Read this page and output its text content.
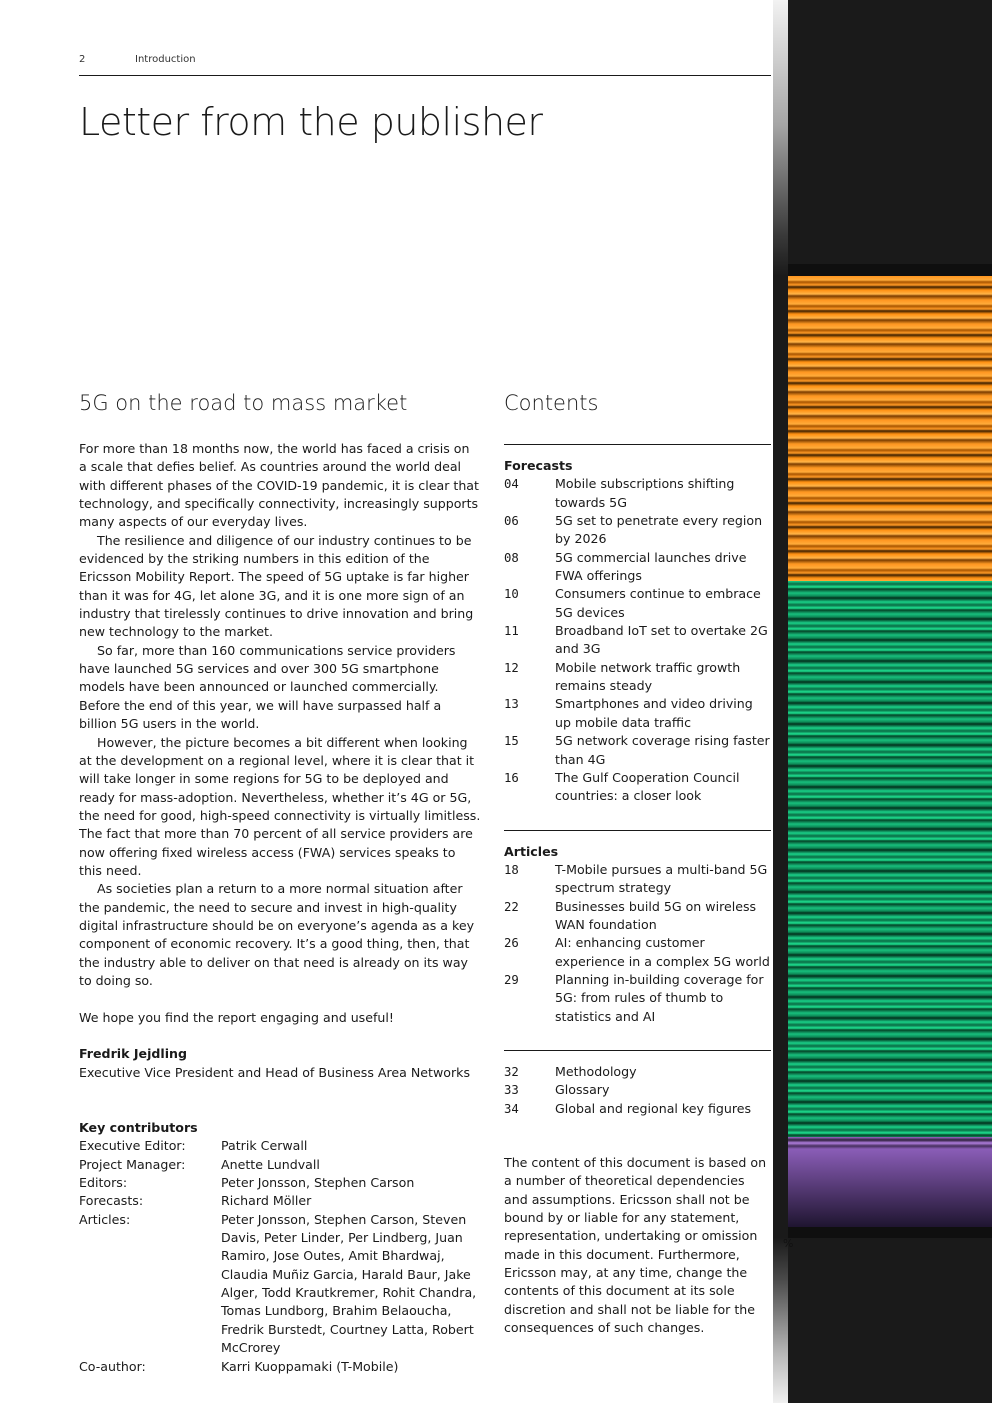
2	Introduction
Letter from the publisher
5G on the road to mass market

For more than 18 months now, the world has faced a crisis on a scale that defies belief. As countries around the world deal with different phases of the COVID-19 pandemic, it is clear that technology, and specifically connectivity, increasingly supports many aspects of our everyday lives.

The resilience and diligence of our industry continues to be evidenced by the striking numbers in this edition of the Ericsson Mobility Report. The speed of 5G uptake is far higher than it was for 4G, let alone 3G, and it is one more sign of an industry that tirelessly continues to drive innovation and bring new technology to the market.

So far, more than 160 communications service providers have launched 5G services and over 300 5G smartphone models have been announced or launched commercially. Before the end of this year, we will have surpassed half a billion 5G users in the world.

However, the picture becomes a bit different when looking at the development on a regional level, where it is clear that it will take longer in some regions for 5G to be deployed and ready for mass-adoption. Nevertheless, whether it’s 4G or 5G, the need for good, high-speed connectivity is virtually limitless. The fact that more than 70 percent of all service providers are now offering fixed wireless access (FWA) services speaks to this need.

As societies plan a return to a more normal situation after the pandemic, the need to secure and invest in high-quality digital infrastructure should be on everyone’s agenda as a key component of economic recovery. It’s a good thing, then, that the industry able to deliver on that need is already on its way to doing so.

We hope you find the report engaging and useful!
Fredrik Jejdling
Executive Vice President and Head of Business Area Networks
Key contributors
Executive Editor:	Patrik Cerwall
Project Manager:	Anette Lundvall
Editors:	Peter Jonsson, Stephen Carson
Forecasts:	Richard Möller
Articles:	Peter Jonsson, Stephen Carson, Steven Davis, Peter Linder, Per Lindberg, Juan Ramiro, Jose Outes, Amit Bhardwaj, Claudia Muñiz Garcia, Harald Baur, Jake Alger, Todd Krautkremer, Rohit Chandra, Tomas Lundborg, Brahim Belaoucha, Fredrik Burstedt, Courtney Latta, Robert McCrorey
Co-author:	Karri Kuoppamaki (T-Mobile)
Contents
Forecasts
04	Mobile subscriptions shifting towards 5G
06	5G set to penetrate every region by 2026
08	5G commercial launches drive FWA offerings
10	Consumers continue to embrace 5G devices
11	Broadband IoT set to overtake 2G and 3G
12	Mobile network traffic growth remains steady
13	Smartphones and video driving up mobile data traffic
15	5G network coverage rising faster than 4G
16	The Gulf Cooperation Council countries: a closer look
Articles
18	T-Mobile pursues a multi-band 5G spectrum strategy
22	Businesses build 5G on wireless WAN foundation
26	AI: enhancing customer experience in a complex 5G world
29	Planning in-building coverage for 5G: from rules of thumb to statistics and AI
32	Methodology
33	Glossary
34	Global and regional key figures
The content of this document is based on a number of theoretical dependencies and assumptions. Ericsson shall not be bound by or liable for any statement, representation, undertaking or omission made in this document. Furthermore, Ericsson may, at any time, change the contents of this document at its sole discretion and shall not be liable for the consequences of such changes.
%
